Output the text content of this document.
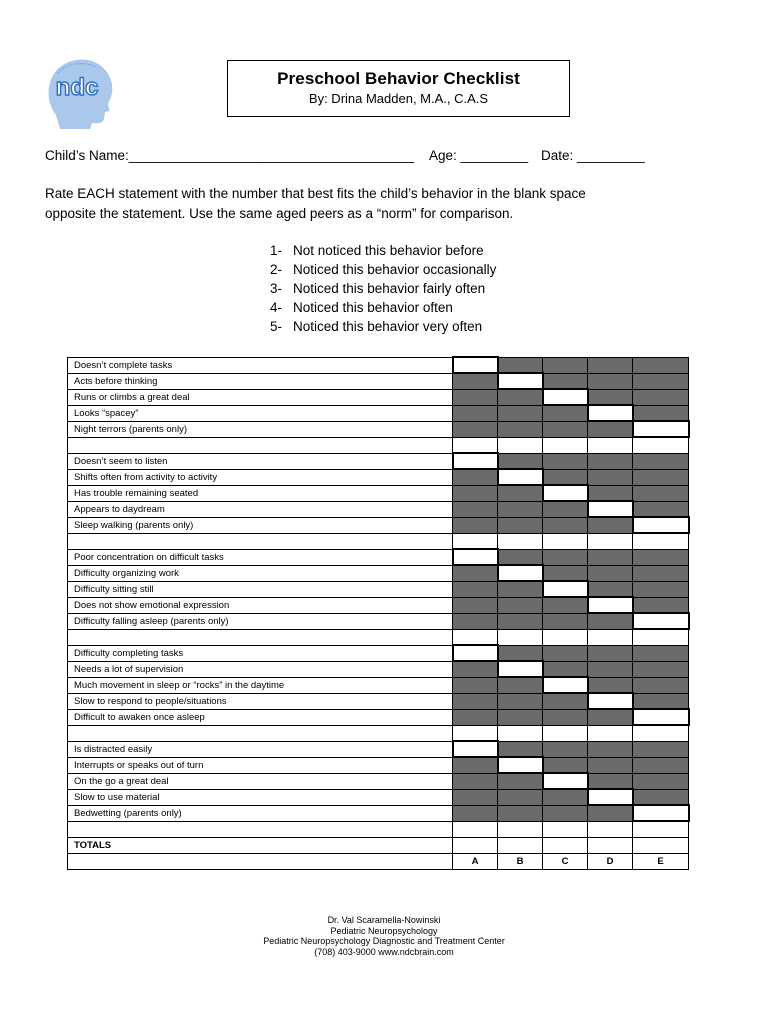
ndc	Preschool Behavior Checklist
By: Drina Madden, M.A., C.A.S
Child’s Name:______________________________________ Age: _________ Date: _________
Rate EACH statement with the number that best fits the child’s behavior in the blank space
opposite the statement. Use the same aged peers as a “norm” for comparison.
1- Not noticed this behavior before
2- Noticed this behavior occasionally
3- Noticed this behavior fairly often
4- Noticed this behavior often
5- Noticed this behavior very often
Doesn’t complete tasks					
Acts before thinking					
Runs or climbs a great deal					
Looks “spacey”					
Night terrors (parents only)					

Doesn’t seem to listen					
Shifts often from activity to activity					
Has trouble remaining seated					
Appears to daydream					
Sleep walking (parents only)					

Poor concentration on difficult tasks					
Difficulty organizing work					
Difficulty sitting still					
Does not show emotional expression					
Difficulty falling asleep (parents only)					

Difficulty completing tasks					
Needs a lot of supervision					
Much movement in sleep or “rocks” in the daytime					
Slow to respond to people/situations					
Difficult to awaken once asleep					

Is distracted easily					
Interrupts or speaks out of turn					
On the go a great deal					
Slow to use material					
Bedwetting (parents only)					

TOTALS					
	A	B	C	D	E
Dr. Val Scaramella-Nowinski
Pediatric Neuropsychology
Pediatric Neuropsychology Diagnostic and Treatment Center
(708) 403-9000 www.ndcbrain.com
